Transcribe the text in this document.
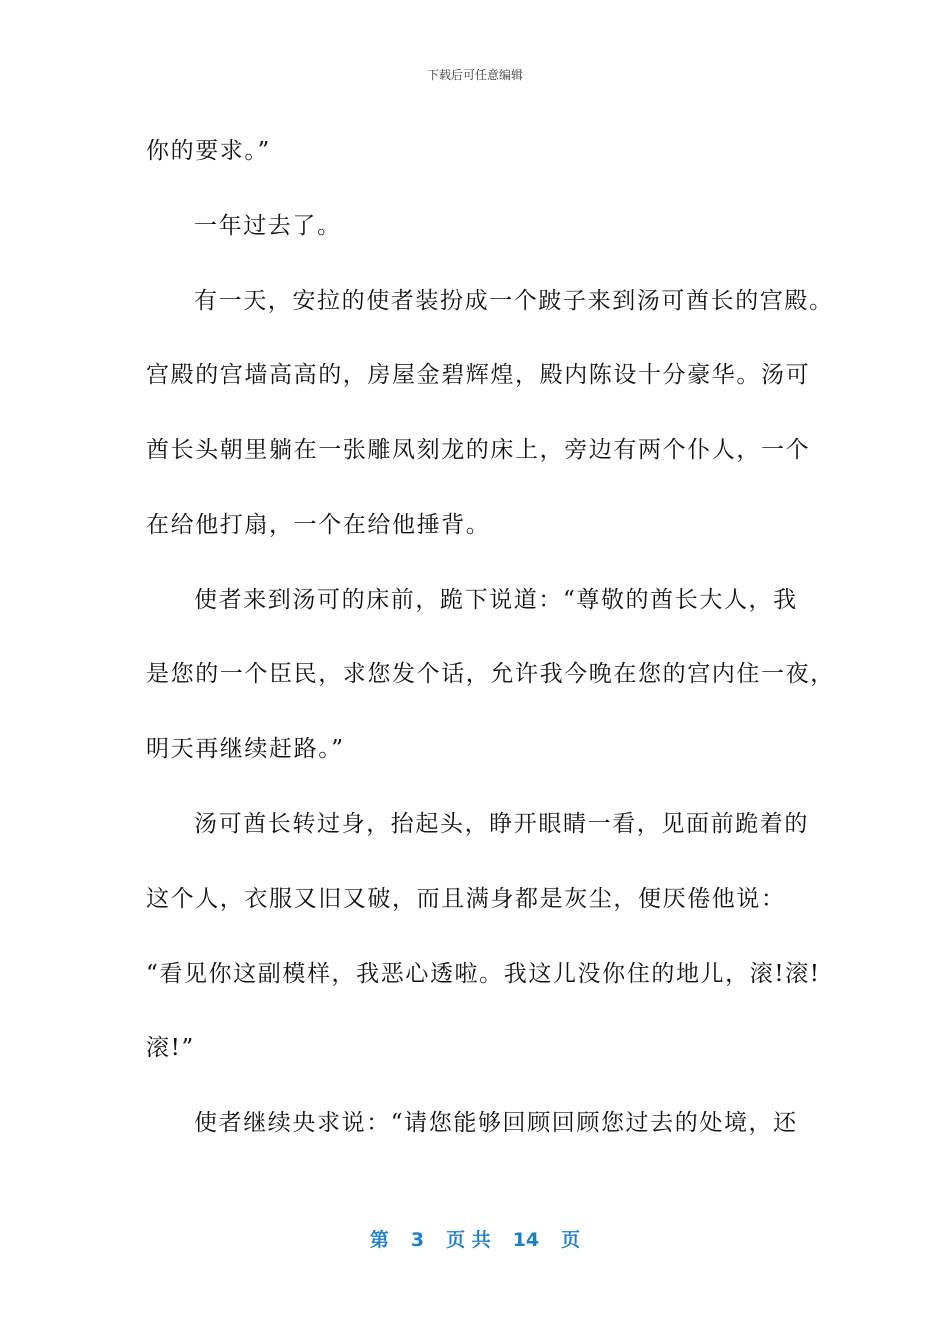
下载后可任意编辑
你的要求。”
一年过去了。
有一天，安拉的使者装扮成一个跛子来到汤可酋长的宫殿。
宫殿的宫墙高高的，房屋金碧辉煌，殿内陈设十分豪华。汤可
酋长头朝里躺在一张雕凤刻龙的床上，旁边有两个仆人，一个
在给他打扇，一个在给他捶背。
使者来到汤可的床前，跪下说道：“尊敬的酋长大人，我
是您的一个臣民，求您发个话，允许我今晚在您的宫内住一夜，
明天再继续赶路。”
汤可酋长转过身，抬起头，睁开眼睛一看，见面前跪着的
这个人，衣服又旧又破，而且满身都是灰尘，便厌倦他说：
“看见你这副模样，我恶心透啦。我这儿没你住的地儿，滚!滚!
滚!”
使者继续央求说：“请您能够回顾回顾您过去的处境，还
第 3 页 共 14 页
